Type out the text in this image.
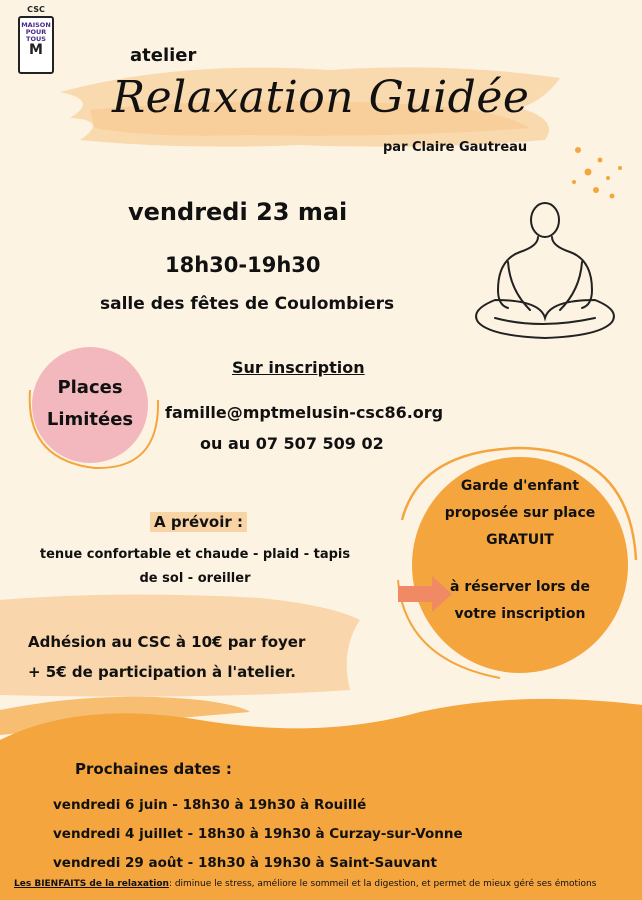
CSC
MAISON
POUR
TOUS
M	atelier
Relaxation Guidée
par Claire Gautreau
vendredi 23 mai
18h30-19h30
salle des fêtes de Coulombiers
Places
Limitées
Sur inscription
famille@mptmelusin-csc86.org
ou au 07 507 509 02
A prévoir :
tenue confortable et chaude - plaid - tapis
de sol - oreiller
Garde d'enfant
proposée sur place
GRATUIT
à réserver lors de
votre inscription
Adhésion au CSC à 10€ par foyer
+ 5€ de participation à l'atelier.
Prochaines dates :
vendredi 6 juin - 18h30 à 19h30 à Rouillé
vendredi 4 juillet - 18h30 à 19h30 à Curzay-sur-Vonne
vendredi 29 août - 18h30 à 19h30 à Saint-Sauvant
Les BIENFAITS de la relaxation: diminue le stress, améliore le sommeil et la digestion, et permet de mieux géré ses émotions
